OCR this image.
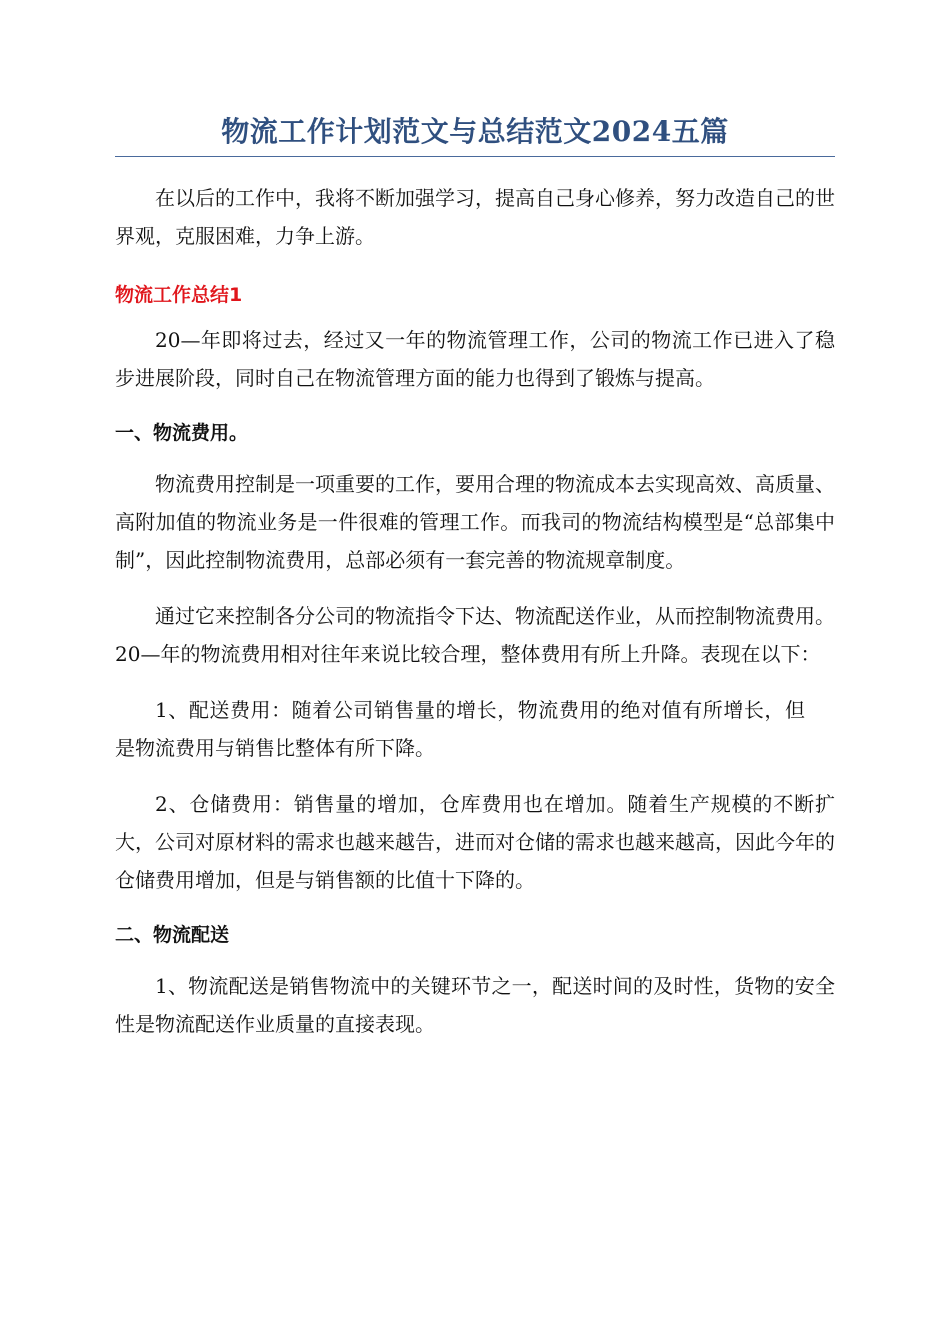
物流工作计划范文与总结范文2024五篇

在以后的工作中，我将不断加强学习，提高自己身心修养，努力改造自己的世界观，克服困难，力争上游。

物流工作总结1

20—年即将过去，经过又一年的物流管理工作，公司的物流工作已进入了稳步进展阶段，同时自己在物流管理方面的能力也得到了锻炼与提高。

一、物流费用。

物流费用控制是一项重要的工作，要用合理的物流成本去实现高效、高质量、高附加值的物流业务是一件很难的管理工作。而我司的物流结构模型是“总部集中制”，因此控制物流费用，总部必须有一套完善的物流规章制度。

通过它来控制各分公司的物流指令下达、物流配送作业，从而控制物流费用。20—年的物流费用相对往年来说比较合理，整体费用有所上升降。表现在以下：

1、配送费用：随着公司销售量的增长，物流费用的绝对值有所增长，但是物流费用与销售比整体有所下降。

2、仓储费用：销售量的增加，仓库费用也在增加。随着生产规模的不断扩大，公司对原材料的需求也越来越告，进而对仓储的需求也越来越高，因此今年的仓储费用增加，但是与销售额的比值十下降的。

二、物流配送

1、物流配送是销售物流中的关键环节之一，配送时间的及时性，货物的安全性是物流配送作业质量的直接表现。
